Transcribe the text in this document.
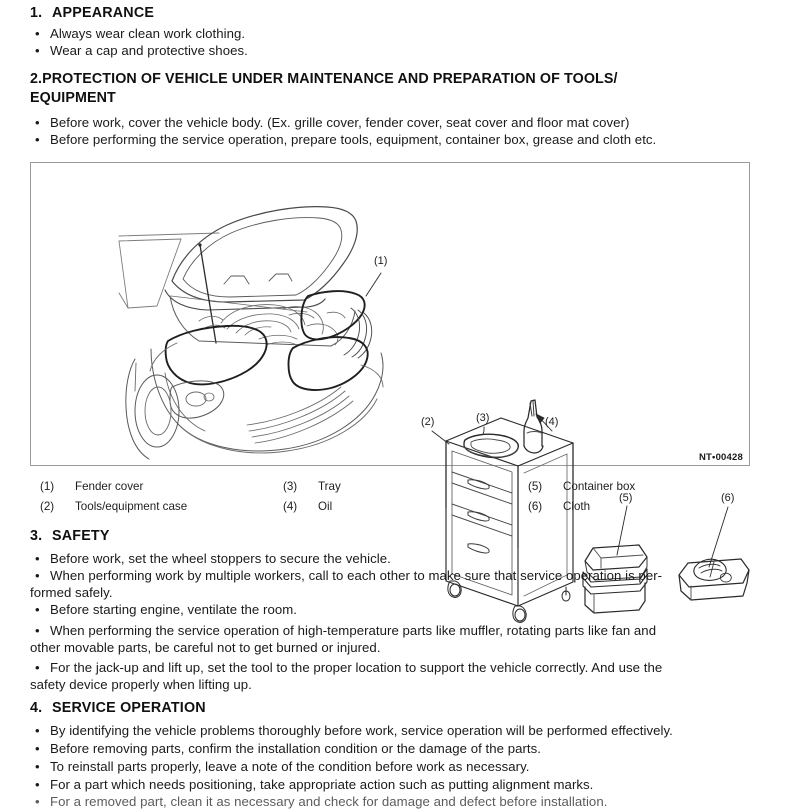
1. APPEARANCE
• Always wear clean work clothing.
• Wear a cap and protective shoes.
2.PROTECTION OF VEHICLE UNDER MAINTENANCE AND PREPARATION OF TOOLS/
EQUIPMENT
• Before work, cover the vehicle body. (Ex. grille cover, fender cover, seat cover and floor mat cover)
• Before performing the service operation, prepare tools, equipment, container box, grease and cloth etc.
(1)
(2)	(3)	(4)
(5)	(6)
NT•00428
(1) Fender cover
(2) Tools/equipment case
(3) Tray
(4) Oil
(5) Container box
(6) Cloth
3. SAFETY
• Before work, set the wheel stoppers to secure the vehicle.
• When performing work by multiple workers, call to each other to make sure that service operation is per-
formed safely.
• Before starting engine, ventilate the room.
• When performing the service operation of high-temperature parts like muffler, rotating parts like fan and
other movable parts, be careful not to get burned or injured.
• For the jack-up and lift up, set the tool to the proper location to support the vehicle correctly. And use the
safety device properly when lifting up.
4. SERVICE OPERATION
• By identifying the vehicle problems thoroughly before work, service operation will be performed effectively.
• Before removing parts, confirm the installation condition or the damage of the parts.
• To reinstall parts properly, leave a note of the condition before work as necessary.
• For a part which needs positioning, take appropriate action such as putting alignment marks.
• For a removed part, clean it as necessary and check for damage and defect before installation.
